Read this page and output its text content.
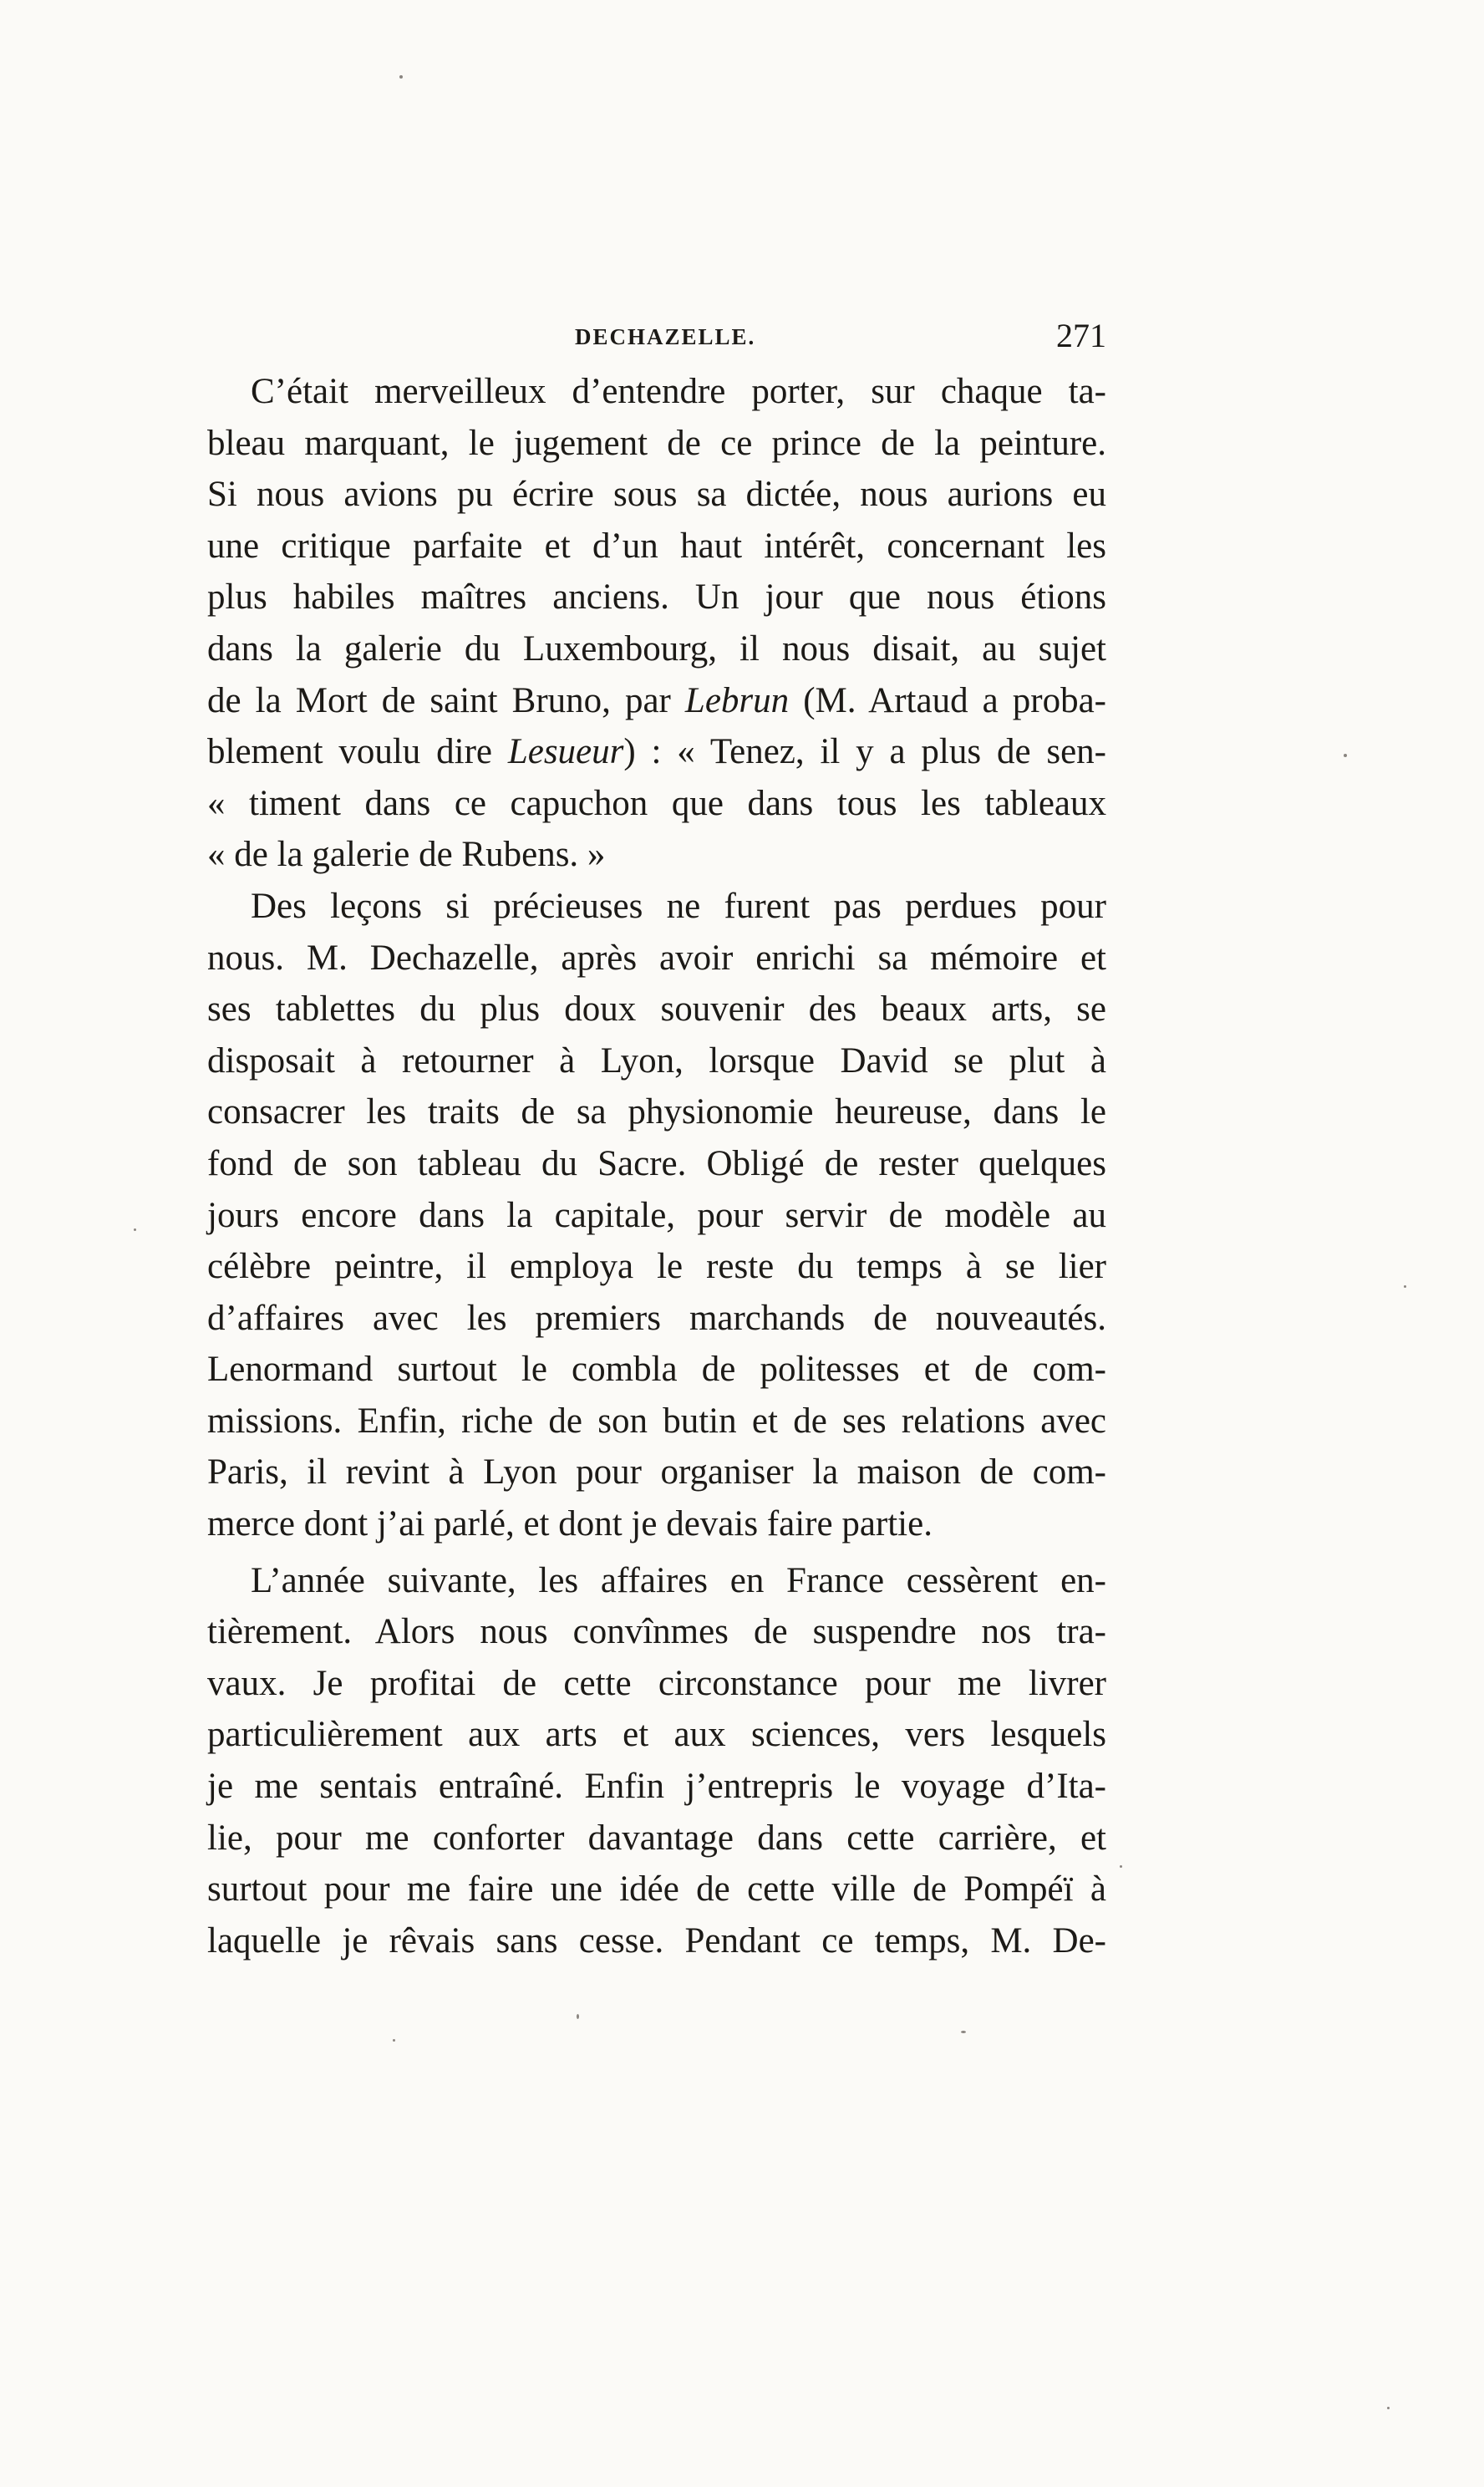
DECHAZELLE.	271
C’était merveilleux d’entendre porter, sur chaque ta-
bleau marquant, le jugement de ce prince de la peinture.
Si nous avions pu écrire sous sa dictée, nous aurions eu
une critique parfaite et d’un haut intérêt, concernant les
plus habiles maîtres anciens. Un jour que nous étions
dans la galerie du Luxembourg, il nous disait, au sujet
de la Mort de saint Bruno, par Lebrun (M. Artaud a proba-
blement voulu dire Lesueur) : « Tenez, il y a plus de sen-
« timent dans ce capuchon que dans tous les tableaux
« de la galerie de Rubens. »
Des leçons si précieuses ne furent pas perdues pour
nous. M. Dechazelle, après avoir enrichi sa mémoire et
ses tablettes du plus doux souvenir des beaux arts, se
disposait à retourner à Lyon, lorsque David se plut à
consacrer les traits de sa physionomie heureuse, dans le
fond de son tableau du Sacre. Obligé de rester quelques
jours encore dans la capitale, pour servir de modèle au
célèbre peintre, il employa le reste du temps à se lier
d’affaires avec les premiers marchands de nouveautés.
Lenormand surtout le combla de politesses et de com-
missions. Enfin, riche de son butin et de ses relations avec
Paris, il revint à Lyon pour organiser la maison de com-
merce dont j’ai parlé, et dont je devais faire partie.
L’année suivante, les affaires en France cessèrent en-
tièrement. Alors nous convînmes de suspendre nos tra-
vaux. Je profitai de cette circonstance pour me livrer
particulièrement aux arts et aux sciences, vers lesquels
je me sentais entraîné. Enfin j’entrepris le voyage d’Ita-
lie, pour me conforter davantage dans cette carrière, et
surtout pour me faire une idée de cette ville de Pompéï à
laquelle je rêvais sans cesse. Pendant ce temps, M. De-
